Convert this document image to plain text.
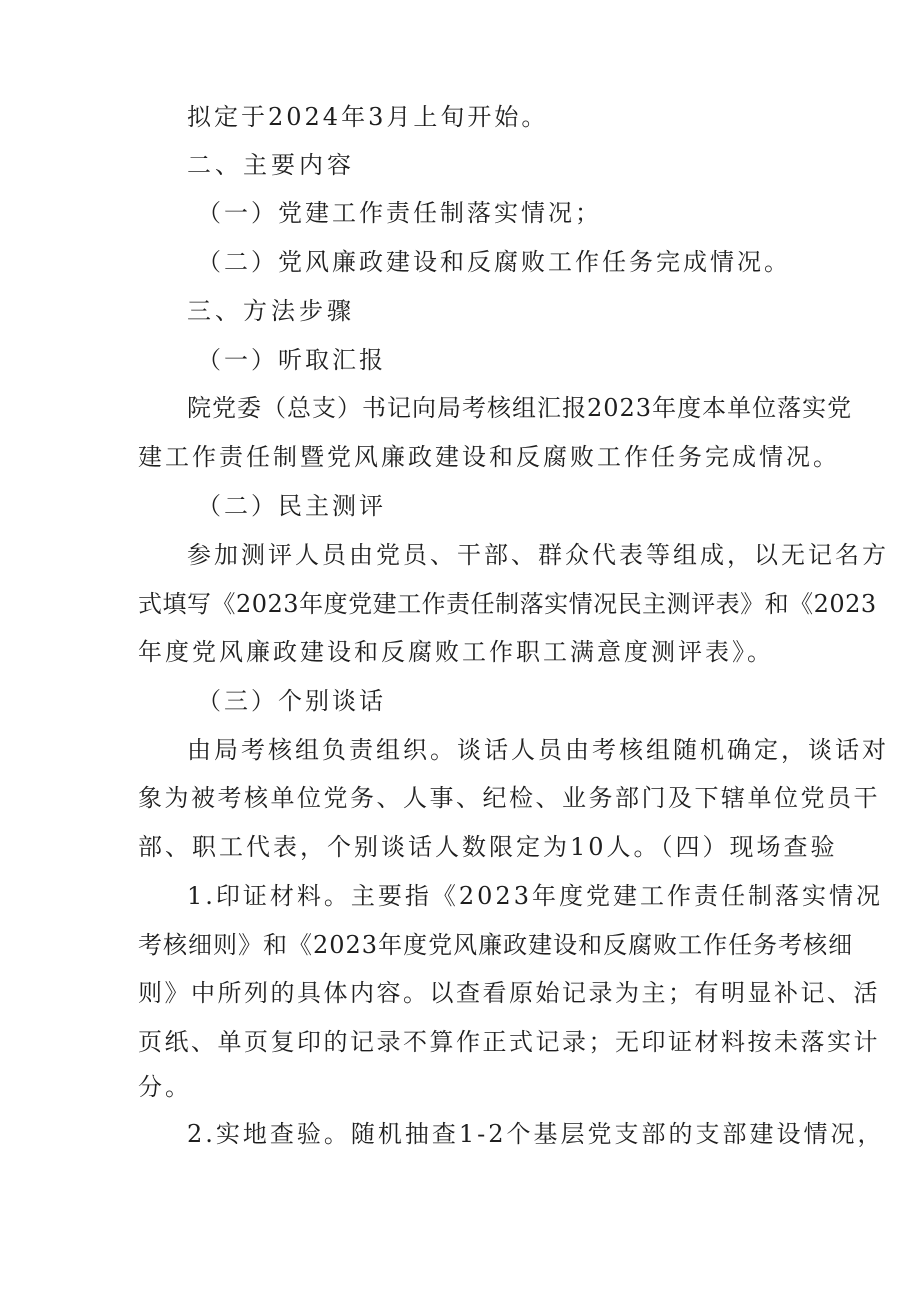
拟定于2024年3月上旬开始。

二、主要内容

（一）党建工作责任制落实情况；

（二）党风廉政建设和反腐败工作任务完成情况。

三、方法步骤

（一）听取汇报

院党委（总支）书记向局考核组汇报2023年度本单位落实党

建工作责任制暨党风廉政建设和反腐败工作任务完成情况。

（二）民主测评

参加测评人员由党员、干部、群众代表等组成，以无记名方

式填写《2023年度党建工作责任制落实情况民主测评表》和《2023

年度党风廉政建设和反腐败工作职工满意度测评表》。

（三）个别谈话

由局考核组负责组织。谈话人员由考核组随机确定，谈话对

象为被考核单位党务、人事、纪检、业务部门及下辖单位党员干

部、职工代表，个别谈话人数限定为10人。（四）现场查验

1.印证材料。主要指《2023年度党建工作责任制落实情况

考核细则》和《2023年度党风廉政建设和反腐败工作任务考核细

则》中所列的具体内容。以查看原始记录为主；有明显补记、活

页纸、单页复印的记录不算作正式记录；无印证材料按未落实计

分。

2.实地查验。随机抽查1-2个基层党支部的支部建设情况，
